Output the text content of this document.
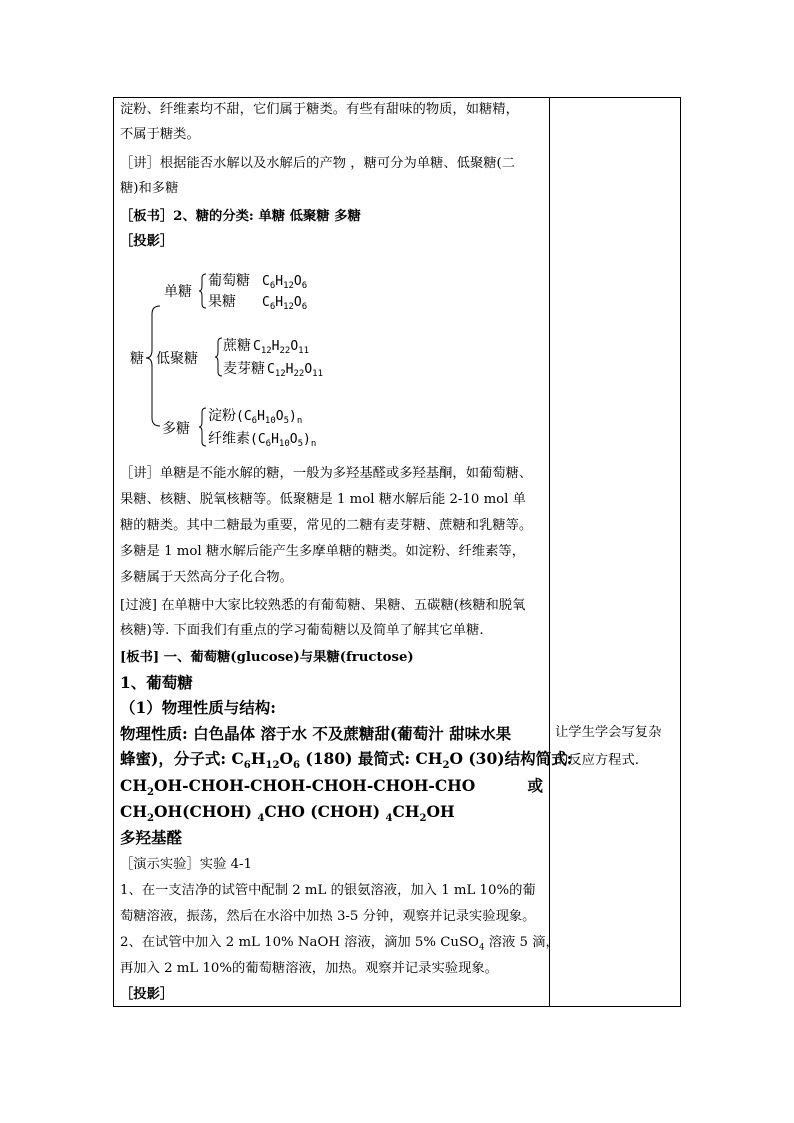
淀粉、纤维素均不甜，它们属于糖类。有些有甜味的物质，如糖精，
不属于糖类。
［讲］根据能否水解以及水解后的产物 ，糖可分为单糖、低聚糖(二
糖)和多糖
［板书］2、糖的分类: 单糖 低聚糖 多糖
［投影］
糖
单糖
葡萄糖 $C_6H_{12}O_6$
果糖 $C_6H_{12}O_6$
低聚糖
蔗糖 $C_{12}H_{22}O_{11}$
麦芽糖 $C_{12}H_{22}O_{11}$
多糖
淀粉 $(C_6H_{10}O_5)_n$
纤维素 $(C_6H_{10}O_5)_n$
［讲］单糖是不能水解的糖，一般为多羟基醛或多羟基酮，如葡萄糖、
果糖、核糖、脱氧核糖等。低聚糖是 1 mol 糖水解后能 2-10 mol 单
糖的糖类。其中二糖最为重要，常见的二糖有麦芽糖、蔗糖和乳糖等。
多糖是 1 mol 糖水解后能产生多摩单糖的糖类。如淀粉、纤维素等，
多糖属于天然高分子化合物。
[过渡] 在单糖中大家比较熟悉的有葡萄糖、果糖、五碳糖(核糖和脱氧
核糖)等. 下面我们有重点的学习葡萄糖以及简单了解其它单糖.
[板书] 一、葡萄糖(glucose)与果糖(fructose)
1、葡萄糖
（1）物理性质与结构:
物理性质: 白色晶体 溶于水 不及蔗糖甜(葡萄汁 甜味水果
蜂蜜)，分子式: $C_6H_{12}O_6$ (180) 最简式: $CH_2O$ (30)结构简式:
$CH_2OH-CHOH-CHOH-CHOH-CHOH$-CHO	或
$CH_2OH(CHOH)$ $_4$CHO (CHOH) $_4CH_2OH$
多羟基醛
［演示实验］实验 4-1
1、在一支洁净的试管中配制 2 mL 的银氨溶液，加入 1 mL 10%的葡
萄糖溶液，振荡，然后在水浴中加热 3-5 分钟，观察并记录实验现象。
2、在试管中加入 2 mL 10% NaOH 溶液，滴加 5% CuSO$_4$ 溶液 5 滴，
再加入 2 mL 10%的葡萄糖溶液，加热。观察并记录实验现象。
［投影］
让学生学会写复杂
的反应方程式.
